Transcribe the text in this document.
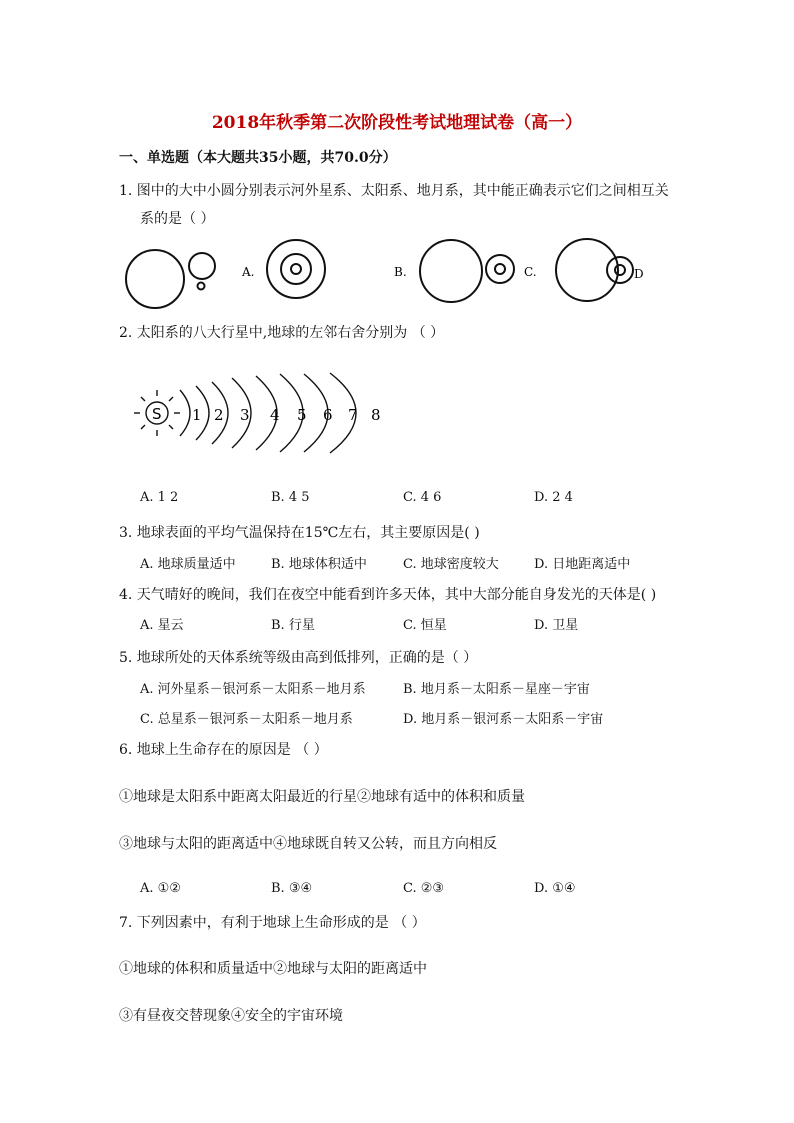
2018年秋季第二次阶段性考试地理试卷（高一）
一、单选题（本大题共35小题，共70.0分）
1. 图中的大中小圆分别表示河外星系、太阳系、地月系，其中能正确表示它们之间相互关
系的是（ ）
A.	B.	C.	D
2. 太阳系的八大行星中,地球的左邻右舍分别为 （ ）
S 1 2 3 4 5 6 7 8
A. 1 2	B. 4 5	C. 4 6	D. 2 4
3. 地球表面的平均气温保持在15℃左右，其主要原因是( )
A. 地球质量适中	B. 地球体积适中	C. 地球密度较大	D. 日地距离适中
4. 天气晴好的晚间，我们在夜空中能看到许多天体，其中大部分能自身发光的天体是( )
A. 星云	B. 行星	C. 恒星	D. 卫星
5. 地球所处的天体系统等级由高到低排列，正确的是（ ）
A. 河外星系－银河系－太阳系－地月系	B. 地月系－太阳系－星座－宇宙
C. 总星系－银河系－太阳系－地月系	D. 地月系－银河系－太阳系－宇宙
6. 地球上生命存在的原因是 （ ）
①地球是太阳系中距离太阳最近的行星②地球有适中的体积和质量
③地球与太阳的距离适中④地球既自转又公转，而且方向相反
A. ①②	B. ③④	C. ②③	D. ①④
7. 下列因素中，有利于地球上生命形成的是 （ ）
①地球的体积和质量适中②地球与太阳的距离适中
③有昼夜交替现象④安全的宇宙环境
